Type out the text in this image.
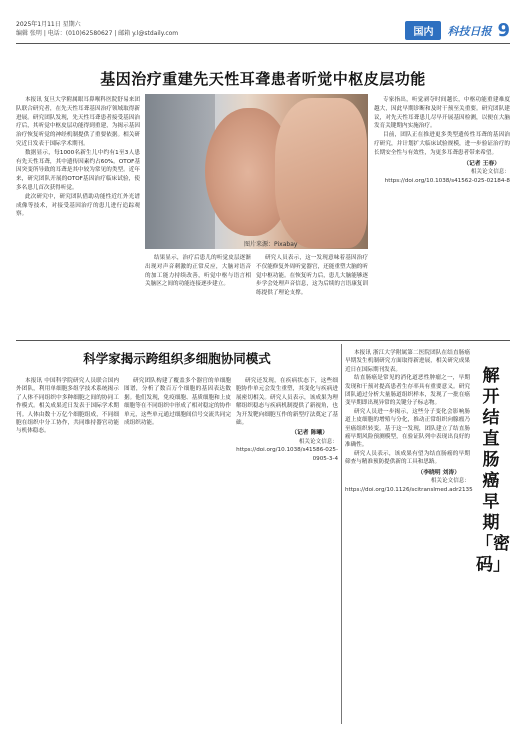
2025年1月11日 星期六
编辑 张明 | 电话：(010)62580627 | 邮箱 y.l@stdaily.com	国内	科技日报 9
基因治疗重建先天性耳聋患者听觉中枢皮层功能

本报讯 复旦大学附属眼耳鼻喉科医院舒易来团队联合研究者，在先天性耳聋基因治疗领域取得新进展。研究团队发现，先天性耳聋患者接受基因治疗后，其听觉中枢皮层功能得到重建，为揭示基因治疗恢复听觉的神经机制提供了重要依据。相关研究近日发表于国际学术期刊。

数据显示，每1000名新生儿中约有1至3人患有先天性耳聋，其中遗传因素约占60%。OTOF基因突变所导致的耳聋是其中较为常见的类型。近年来，研究团队开展的OTOF基因治疗临床试验，使多名患儿首次获得听觉。

此次研究中，研究团队借助功能性近红外光谱成像等技术，对接受基因治疗的患儿进行追踪观察。

图片来源：Pixabay

结果显示，治疗后患儿的听觉皮层逐渐出现对声音刺激的正常反应，大脑对语音的加工能力持续改善，听觉中枢与语言相关脑区之间的功能连接逐步建立。

研究人员表示，这一发现意味着基因治疗不仅能修复外周听觉器官，还能重塑大脑的听觉中枢功能。在恢复听力后，患儿大脑能够逐步学会处理声音信息，这为后续的言语康复训练提供了理论支撑。

专家指出，听觉剥夺时间越长，中枢功能重建难度越大，因此早期诊断和及时干预至关重要。研究团队建议，对先天性耳聋患儿尽早开展基因检测，以便在大脑发育关键期内实施治疗。

目前，团队正在推进更多类型遗传性耳聋的基因治疗研究，并计划扩大临床试验规模，进一步验证治疗的长期安全性与有效性，为更多耳聋患者带来希望。

（记者 王春）
相关论文信息：
https://doi.org/10.1038/s41562-025-02184-8
科学家揭示跨组织多细胞协同模式

本报讯 中国科学院研究人员联合国内外团队，利用单细胞多组学技术系统揭示了人体不同组织中多种细胞之间的协同工作模式。相关成果近日发表于国际学术期刊。人体由数十万亿个细胞组成，不同细胞在组织中分工协作，共同维持器官功能与机体稳态。

研究团队构建了覆盖多个器官的单细胞图谱，分析了数百万个细胞的基因表达数据。他们发现，免疫细胞、基质细胞和上皮细胞等在不同组织中形成了相对稳定的协作单元，这些单元通过细胞间信号交流共同完成组织功能。

研究还发现，在疾病状态下，这些细胞协作单元会发生重塑，其变化与疾病进展密切相关。研究人员表示，该成果为理解组织稳态与疾病机制提供了新视角，也为开发靶向细胞互作的新型疗法奠定了基础。

（记者 陈曦）
相关论文信息：
https://doi.org/10.1038/s41586-025-0905-3-4

本报讯 浙江大学附属第二医院团队在结直肠癌早期发生机制研究方面取得新进展，相关研究成果近日在国际期刊发表。

结直肠癌是常见的消化道恶性肿瘤之一，早期发现和干预对提高患者生存率具有重要意义。研究团队通过分析大量肠道组织样本，发现了一批在癌变早期即出现异常的关键分子标志物。

研究人员进一步揭示，这些分子变化会影响肠道上皮细胞的增殖与分化，推动正常组织向腺瘤乃至癌组织转变。基于这一发现，团队建立了结直肠癌早期风险预测模型，在验证队列中表现出良好的准确性。

研究人员表示，该成果有望为结直肠癌的早期筛查与精准预防提供新的工具和思路。

（李晓明 刘涛）
相关论文信息：
https://doi.org/10.1126/scitranslmed.adr2135
解开结直肠癌早期「密码」
